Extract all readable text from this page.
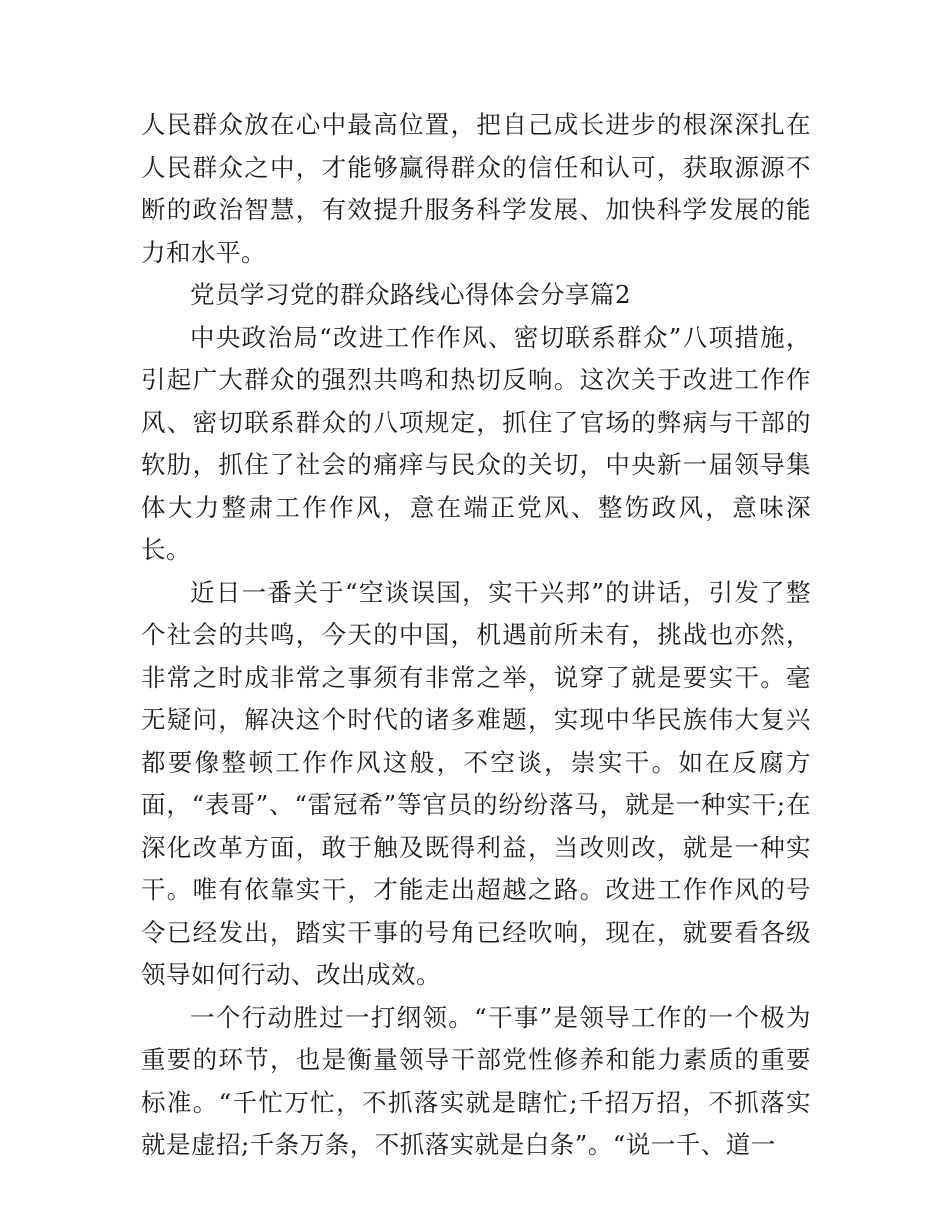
人民群众放在心中最高位置，把自己成长进步的根深深扎在人民群众之中，才能够赢得群众的信任和认可，获取源源不断的政治智慧，有效提升服务科学发展、加快科学发展的能力和水平。

党员学习党的群众路线心得体会分享篇2

中央政治局“改进工作作风、密切联系群众”八项措施，引起广大群众的强烈共鸣和热切反响。这次关于改进工作作风、密切联系群众的八项规定，抓住了官场的弊病与干部的软肋，抓住了社会的痛痒与民众的关切，中央新一届领导集体大力整肃工作作风，意在端正党风、整饬政风，意味深长。

近日一番关于“空谈误国，实干兴邦”的讲话，引发了整个社会的共鸣，今天的中国，机遇前所未有，挑战也亦然，非常之时成非常之事须有非常之举，说穿了就是要实干。毫无疑问，解决这个时代的诸多难题，实现中华民族伟大复兴都要像整顿工作作风这般，不空谈，崇实干。如在反腐方面，“表哥”、“雷冠希”等官员的纷纷落马，就是一种实干;在深化改革方面，敢于触及既得利益，当改则改，就是一种实干。唯有依靠实干，才能走出超越之路。改进工作作风的号令已经发出，踏实干事的号角已经吹响，现在，就要看各级领导如何行动、改出成效。

一个行动胜过一打纲领。“干事”是领导工作的一个极为重要的环节，也是衡量领导干部党性修养和能力素质的重要标准。“千忙万忙，不抓落实就是瞎忙;千招万招，不抓落实就是虚招;千条万条，不抓落实就是白条”。“说一千、道一
